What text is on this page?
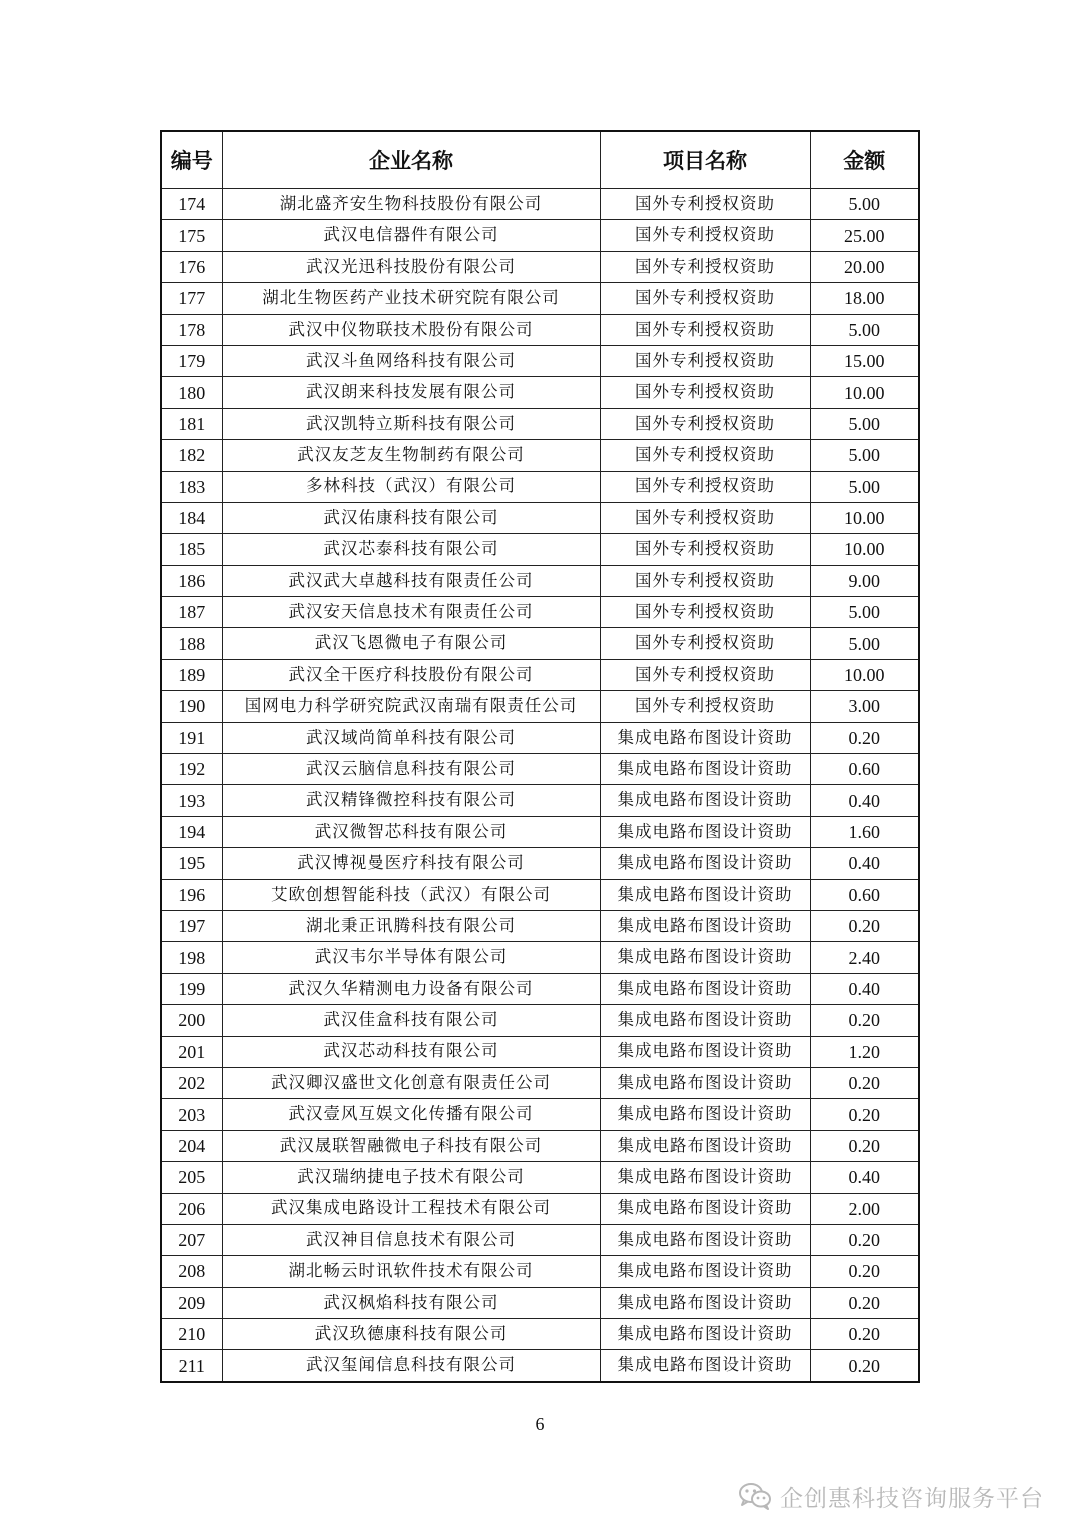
编号	企业名称	项目名称	金额
174	湖北盛齐安生物科技股份有限公司	国外专利授权资助	5.00
175	武汉电信器件有限公司	国外专利授权资助	25.00
176	武汉光迅科技股份有限公司	国外专利授权资助	20.00
177	湖北生物医药产业技术研究院有限公司	国外专利授权资助	18.00
178	武汉中仪物联技术股份有限公司	国外专利授权资助	5.00
179	武汉斗鱼网络科技有限公司	国外专利授权资助	15.00
180	武汉朗来科技发展有限公司	国外专利授权资助	10.00
181	武汉凯特立斯科技有限公司	国外专利授权资助	5.00
182	武汉友芝友生物制药有限公司	国外专利授权资助	5.00
183	多林科技（武汉）有限公司	国外专利授权资助	5.00
184	武汉佑康科技有限公司	国外专利授权资助	10.00
185	武汉芯泰科技有限公司	国外专利授权资助	10.00
186	武汉武大卓越科技有限责任公司	国外专利授权资助	9.00
187	武汉安天信息技术有限责任公司	国外专利授权资助	5.00
188	武汉飞恩微电子有限公司	国外专利授权资助	5.00
189	武汉全干医疗科技股份有限公司	国外专利授权资助	10.00
190	国网电力科学研究院武汉南瑞有限责任公司	国外专利授权资助	3.00
191	武汉域尚简单科技有限公司	集成电路布图设计资助	0.20
192	武汉云脑信息科技有限公司	集成电路布图设计资助	0.60
193	武汉精锋微控科技有限公司	集成电路布图设计资助	0.40
194	武汉微智芯科技有限公司	集成电路布图设计资助	1.60
195	武汉博视曼医疗科技有限公司	集成电路布图设计资助	0.40
196	艾欧创想智能科技（武汉）有限公司	集成电路布图设计资助	0.60
197	湖北秉正讯腾科技有限公司	集成电路布图设计资助	0.20
198	武汉韦尔半导体有限公司	集成电路布图设计资助	2.40
199	武汉久华精测电力设备有限公司	集成电路布图设计资助	0.40
200	武汉佳盒科技有限公司	集成电路布图设计资助	0.20
201	武汉芯动科技有限公司	集成电路布图设计资助	1.20
202	武汉卿汉盛世文化创意有限责任公司	集成电路布图设计资助	0.20
203	武汉壹风互娱文化传播有限公司	集成电路布图设计资助	0.20
204	武汉晟联智融微电子科技有限公司	集成电路布图设计资助	0.20
205	武汉瑞纳捷电子技术有限公司	集成电路布图设计资助	0.40
206	武汉集成电路设计工程技术有限公司	集成电路布图设计资助	2.00
207	武汉神目信息技术有限公司	集成电路布图设计资助	0.20
208	湖北畅云时讯软件技术有限公司	集成电路布图设计资助	0.20
209	武汉枫焰科技有限公司	集成电路布图设计资助	0.20
210	武汉玖德康科技有限公司	集成电路布图设计资助	0.20
211	武汉玺闻信息科技有限公司	集成电路布图设计资助	0.20
6
企创惠科技咨询服务平台
